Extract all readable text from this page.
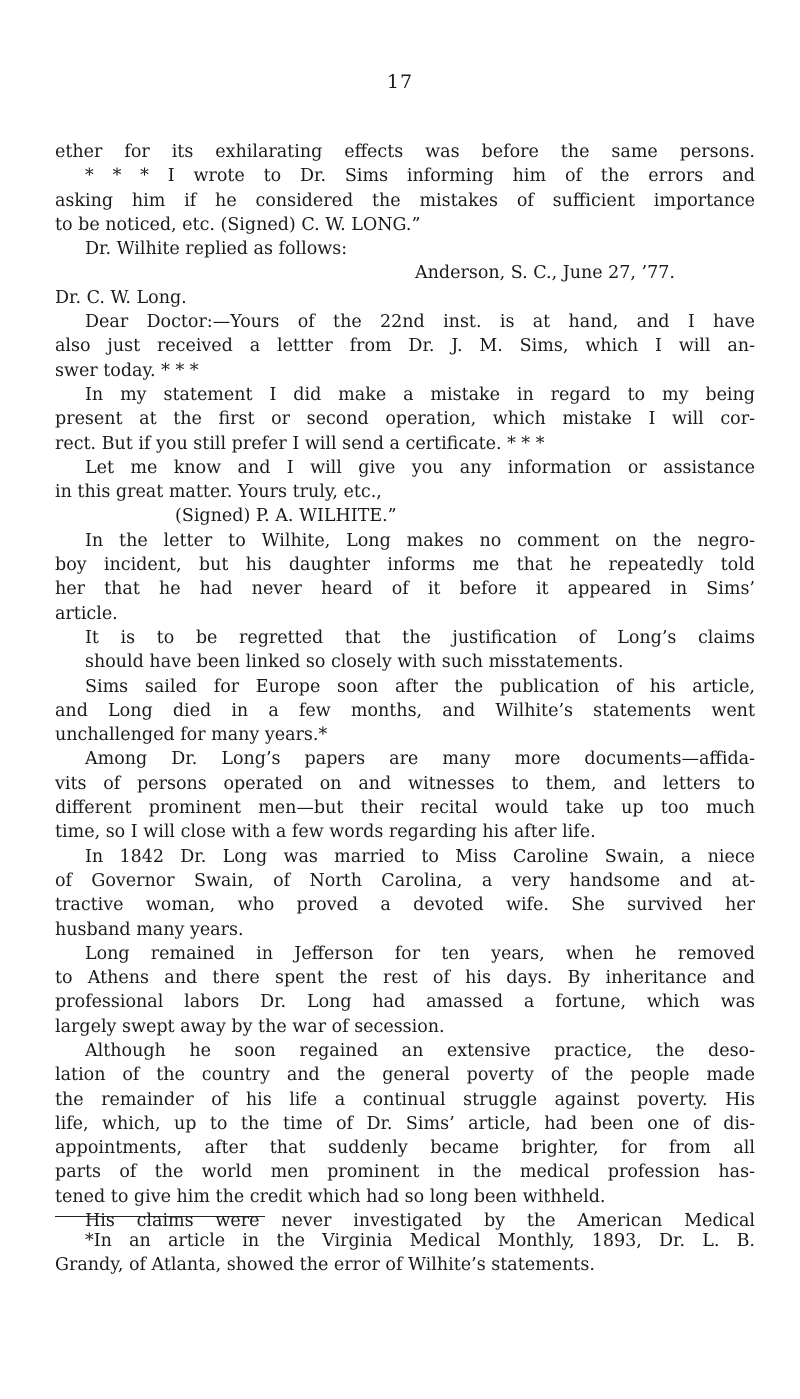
17
ether for its exhilarating effects was before the same persons.
* * * I wrote to Dr. Sims informing him of the errors and
asking him if he considered the mistakes of sufficient importance
to be noticed, etc. (Signed) C. W. LONG.”
Dr. Wilhite replied as follows:
Anderson, S. C., June 27, ’77.
Dr. C. W. Long.
Dear Doctor:—Yours of the 22nd inst. is at hand, and I have
also just received a lettter from Dr. J. M. Sims, which I will an-
swer today. * * *
In my statement I did make a mistake in regard to my being
present at the first or second operation, which mistake I will cor-
rect. But if you still prefer I will send a certificate. * * *
Let me know and I will give you any information or assistance
in this great matter. Yours truly, etc.,
(Signed) P. A. WILHITE.”
In the letter to Wilhite, Long makes no comment on the negro-
boy incident, but his daughter informs me that he repeatedly told
her that he had never heard of it before it appeared in Sims’
article.
It is to be regretted that the justification of Long’s claims
should have been linked so closely with such misstatements.
Sims sailed for Europe soon after the publication of his article,
and Long died in a few months, and Wilhite’s statements went
unchallenged for many years.*
Among Dr. Long’s papers are many more documents—affida-
vits of persons operated on and witnesses to them, and letters to
different prominent men—but their recital would take up too much
time, so I will close with a few words regarding his after life.
In 1842 Dr. Long was married to Miss Caroline Swain, a niece
of Governor Swain, of North Carolina, a very handsome and at-
tractive woman, who proved a devoted wife. She survived her
husband many years.
Long remained in Jefferson for ten years, when he removed
to Athens and there spent the rest of his days. By inheritance and
professional labors Dr. Long had amassed a fortune, which was
largely swept away by the war of secession.
Although he soon regained an extensive practice, the deso-
lation of the country and the general poverty of the people made
the remainder of his life a continual struggle against poverty. His
life, which, up to the time of Dr. Sims’ article, had been one of dis-
appointments, after that suddenly became brighter, for from all
parts of the world men prominent in the medical profession has-
tened to give him the credit which had so long been withheld.
His claims were never investigated by the American Medical
*In an article in the Virginia Medical Monthly, 1893, Dr. L. B.
Grandy, of Atlanta, showed the error of Wilhite’s statements.
